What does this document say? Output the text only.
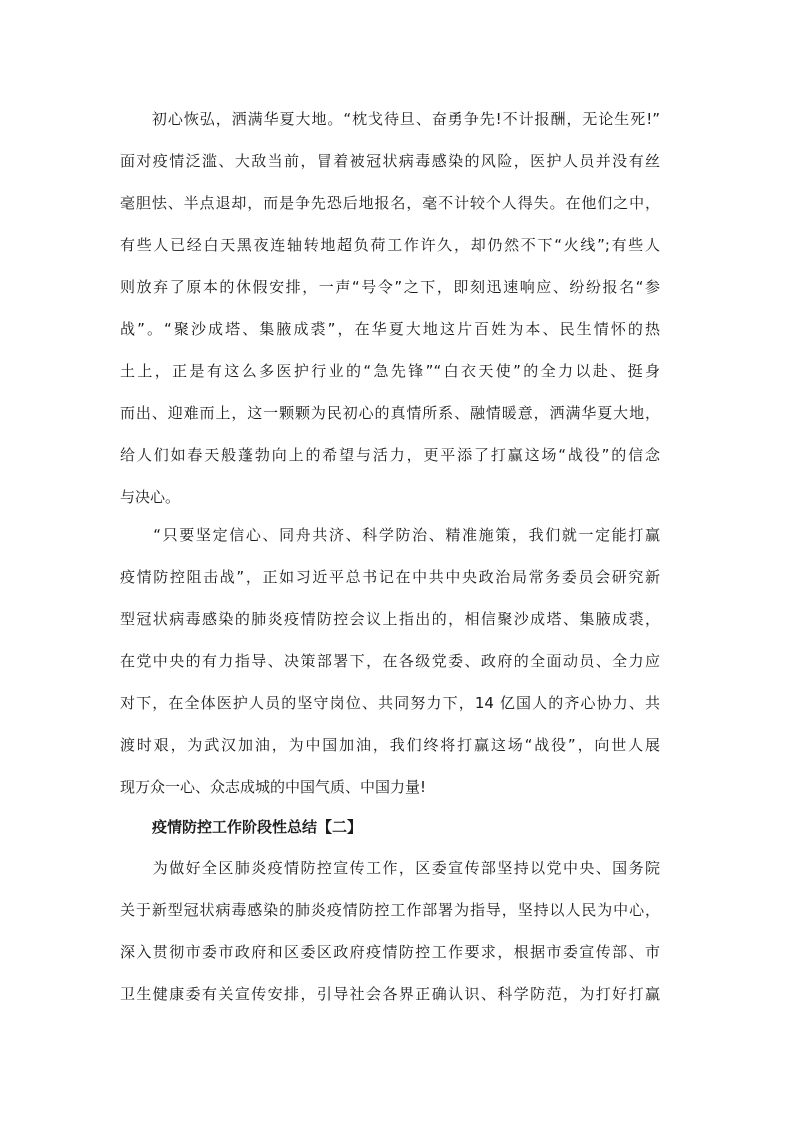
　　初心恢弘，洒满华夏大地。“枕戈待旦、奋勇争先!不计报酬，无论生死!”
面对疫情泛滥、大敌当前，冒着被冠状病毒感染的风险，医护人员并没有丝
毫胆怯、半点退却，而是争先恐后地报名，毫不计较个人得失。在他们之中，
有些人已经白天黑夜连轴转地超负荷工作许久，却仍然不下“火线”;有些人
则放弃了原本的休假安排，一声“号令”之下，即刻迅速响应、纷纷报名“参
战”。“聚沙成塔、集腋成裘”，在华夏大地这片百姓为本、民生情怀的热
土上，正是有这么多医护行业的“急先锋”“白衣天使”的全力以赴、挺身
而出、迎难而上，这一颗颗为民初心的真情所系、融情暖意，洒满华夏大地，
给人们如春天般蓬勃向上的希望与活力，更平添了打赢这场“战役”的信念
与决心。
　　“只要坚定信心、同舟共济、科学防治、精准施策，我们就一定能打赢
疫情防控阻击战”，正如习近平总书记在中共中央政治局常务委员会研究新
型冠状病毒感染的肺炎疫情防控会议上指出的，相信聚沙成塔、集腋成裘，
在党中央的有力指导、决策部署下，在各级党委、政府的全面动员、全力应
对下，在全体医护人员的坚守岗位、共同努力下，14 亿国人的齐心协力、共
渡时艰，为武汉加油，为中国加油，我们终将打赢这场“战役”，向世人展
现万众一心、众志成城的中国气质、中国力量!
疫情防控工作阶段性总结【二】
　　为做好全区肺炎疫情防控宣传工作，区委宣传部坚持以党中央、国务院
关于新型冠状病毒感染的肺炎疫情防控工作部署为指导，坚持以人民为中心，
深入贯彻市委市政府和区委区政府疫情防控工作要求，根据市委宣传部、市
卫生健康委有关宣传安排，引导社会各界正确认识、科学防范，为打好打赢
